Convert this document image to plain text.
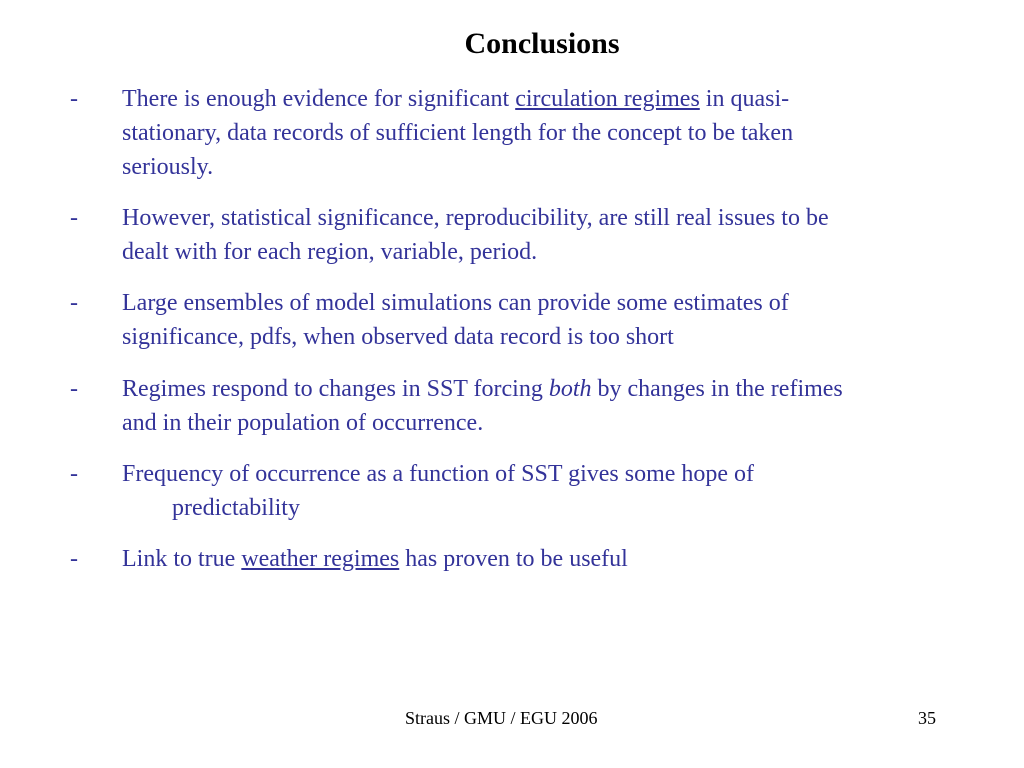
Conclusions
- There is enough evidence for significant circulation regimes in quasi-
stationary, data records of sufficient length for the concept to be taken
seriously.
- However, statistical significance, reproducibility, are still real issues to be
dealt with for each region, variable, period.
- Large ensembles of model simulations can provide some estimates of
significance, pdfs, when observed data record is too short
- Regimes respond to changes in SST forcing both by changes in the refimes
and in their population of occurrence.
- Frequency of occurrence as a function of SST gives some hope of
predictability
- Link to true weather regimes has proven to be useful
Straus / GMU / EGU 2006	35
